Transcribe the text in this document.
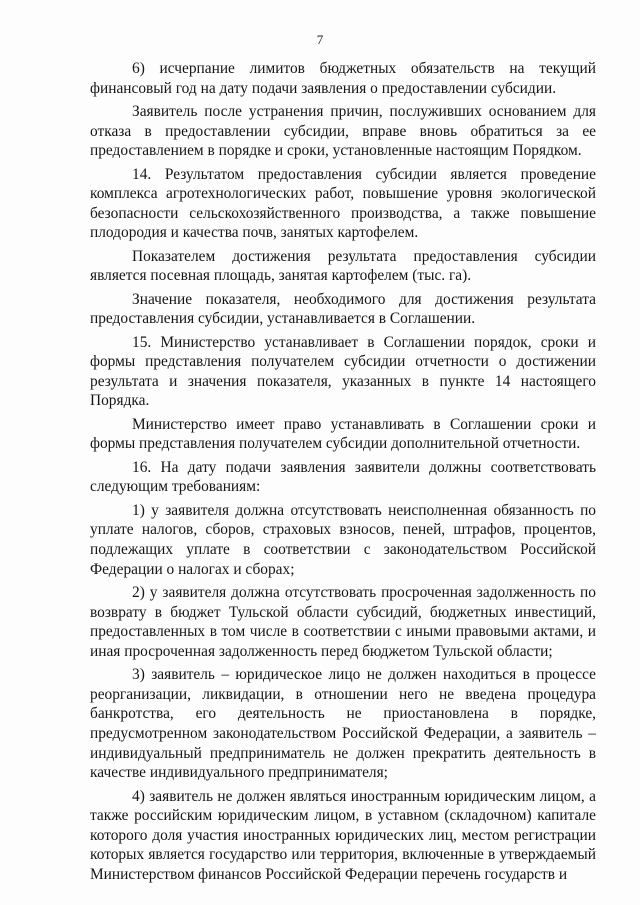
7

6) исчерпание лимитов бюджетных обязательств на текущий финансовый год на дату подачи заявления о предоставлении субсидии.

Заявитель после устранения причин, послуживших основанием для отказа в предоставлении субсидии, вправе вновь обратиться за ее предоставлением в порядке и сроки, установленные настоящим Порядком.

14. Результатом предоставления субсидии является проведение комплекса агротехнологических работ, повышение уровня экологической безопасности сельскохозяйственного производства, а также повышение плодородия и качества почв, занятых картофелем.

Показателем достижения результата предоставления субсидии является посевная площадь, занятая картофелем (тыс. га).

Значение показателя, необходимого для достижения результата предоставления субсидии, устанавливается в Соглашении.

15. Министерство устанавливает в Соглашении порядок, сроки и формы представления получателем субсидии отчетности о достижении результата и значения показателя, указанных в пункте 14 настоящего Порядка.

Министерство имеет право устанавливать в Соглашении сроки и формы представления получателем субсидии дополнительной отчетности.

16. На дату подачи заявления заявители должны соответствовать следующим требованиям:

1) у заявителя должна отсутствовать неисполненная обязанность по уплате налогов, сборов, страховых взносов, пеней, штрафов, процентов, подлежащих уплате в соответствии с законодательством Российской Федерации о налогах и сборах;

2) у заявителя должна отсутствовать просроченная задолженность по возврату в бюджет Тульской области субсидий, бюджетных инвестиций, предоставленных в том числе в соответствии с иными правовыми актами, и иная просроченная задолженность перед бюджетом Тульской области;

3) заявитель – юридическое лицо не должен находиться в процессе реорганизации, ликвидации, в отношении него не введена процедура банкротства, его деятельность не приостановлена в порядке, предусмотренном законодательством Российской Федерации, а заявитель – индивидуальный предприниматель не должен прекратить деятельность в качестве индивидуального предпринимателя;

4) заявитель не должен являться иностранным юридическим лицом, а также российским юридическим лицом, в уставном (складочном) капитале которого доля участия иностранных юридических лиц, местом регистрации которых является государство или территория, включенные в утверждаемый Министерством финансов Российской Федерации перечень государств и
